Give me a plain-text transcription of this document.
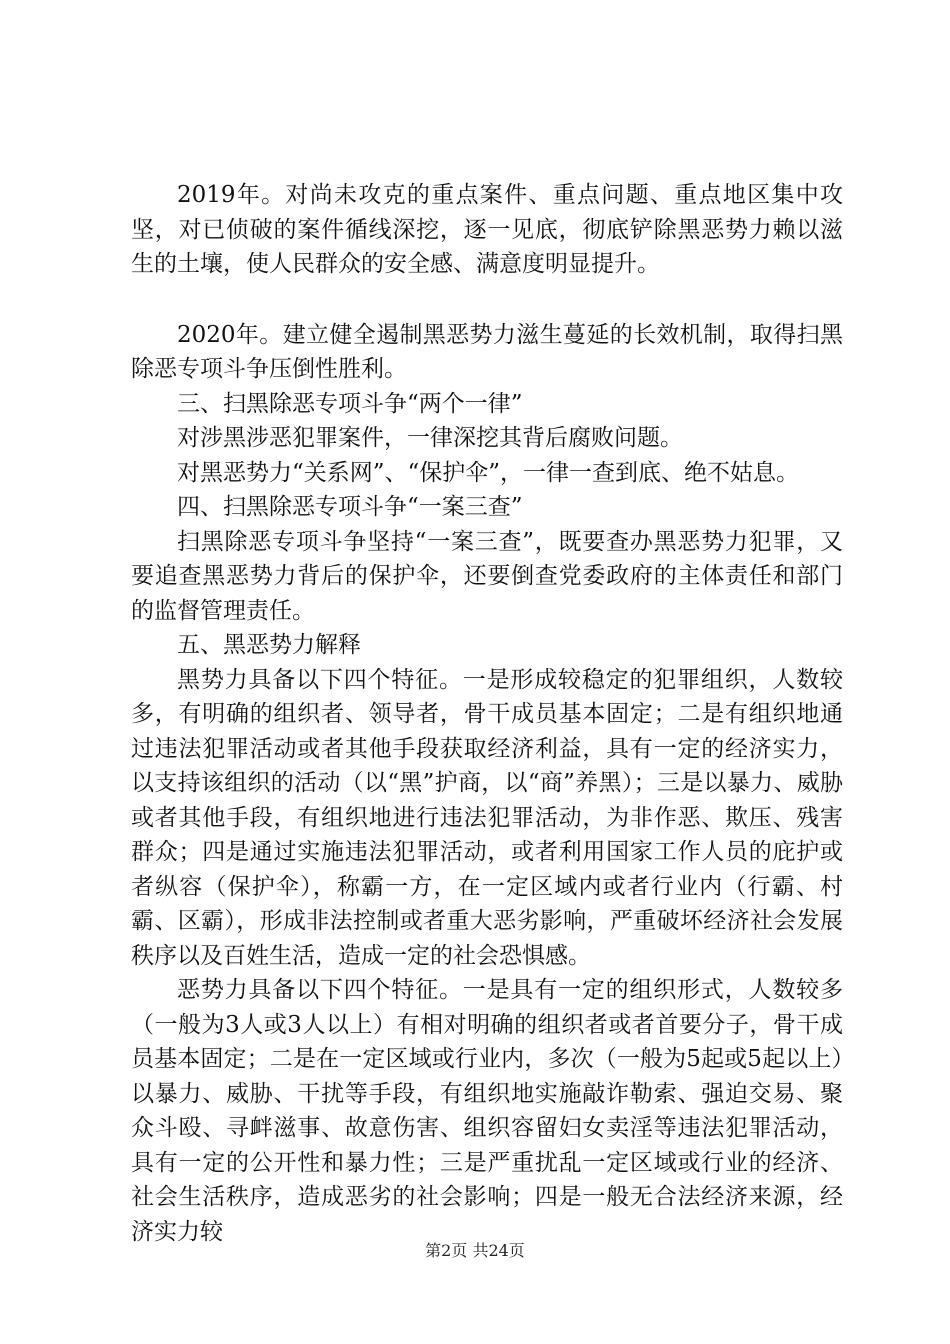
2019年。对尚未攻克的重点案件、重点问题、重点地区集中攻坚，对已侦破的案件循线深挖，逐一见底，彻底铲除黑恶势力赖以滋生的土壤，使人民群众的安全感、满意度明显提升。

2020年。建立健全遏制黑恶势力滋生蔓延的长效机制，取得扫黑除恶专项斗争压倒性胜利。

三、扫黑除恶专项斗争“两个一律”

对涉黑涉恶犯罪案件，一律深挖其背后腐败问题。

对黑恶势力“关系网”、“保护伞”，一律一查到底、绝不姑息。

四、扫黑除恶专项斗争“一案三查”

扫黑除恶专项斗争坚持“一案三查”，既要查办黑恶势力犯罪，又要追查黑恶势力背后的保护伞，还要倒查党委政府的主体责任和部门的监督管理责任。

五、黑恶势力解释

黑势力具备以下四个特征。一是形成较稳定的犯罪组织，人数较多，有明确的组织者、领导者，骨干成员基本固定；二是有组织地通过违法犯罪活动或者其他手段获取经济利益，具有一定的经济实力，以支持该组织的活动（以“黑”护商，以“商”养黑）；三是以暴力、威胁或者其他手段，有组织地进行违法犯罪活动，为非作恶、欺压、残害群众；四是通过实施违法犯罪活动，或者利用国家工作人员的庇护或者纵容（保护伞），称霸一方，在一定区域内或者行业内（行霸、村霸、区霸），形成非法控制或者重大恶劣影响，严重破坏经济社会发展秩序以及百姓生活，造成一定的社会恐惧感。

恶势力具备以下四个特征。一是具有一定的组织形式，人数较多（一般为3人或3人以上）有相对明确的组织者或者首要分子，骨干成员基本固定；二是在一定区域或行业内，多次（一般为5起或5起以上）以暴力、威胁、干扰等手段，有组织地实施敲诈勒索、强迫交易、聚众斗殴、寻衅滋事、故意伤害、组织容留妇女卖淫等违法犯罪活动，具有一定的公开性和暴力性；三是严重扰乱一定区域或行业的经济、社会生活秩序，造成恶劣的社会影响；四是一般无合法经济来源，经济实力较

第2页 共24页
